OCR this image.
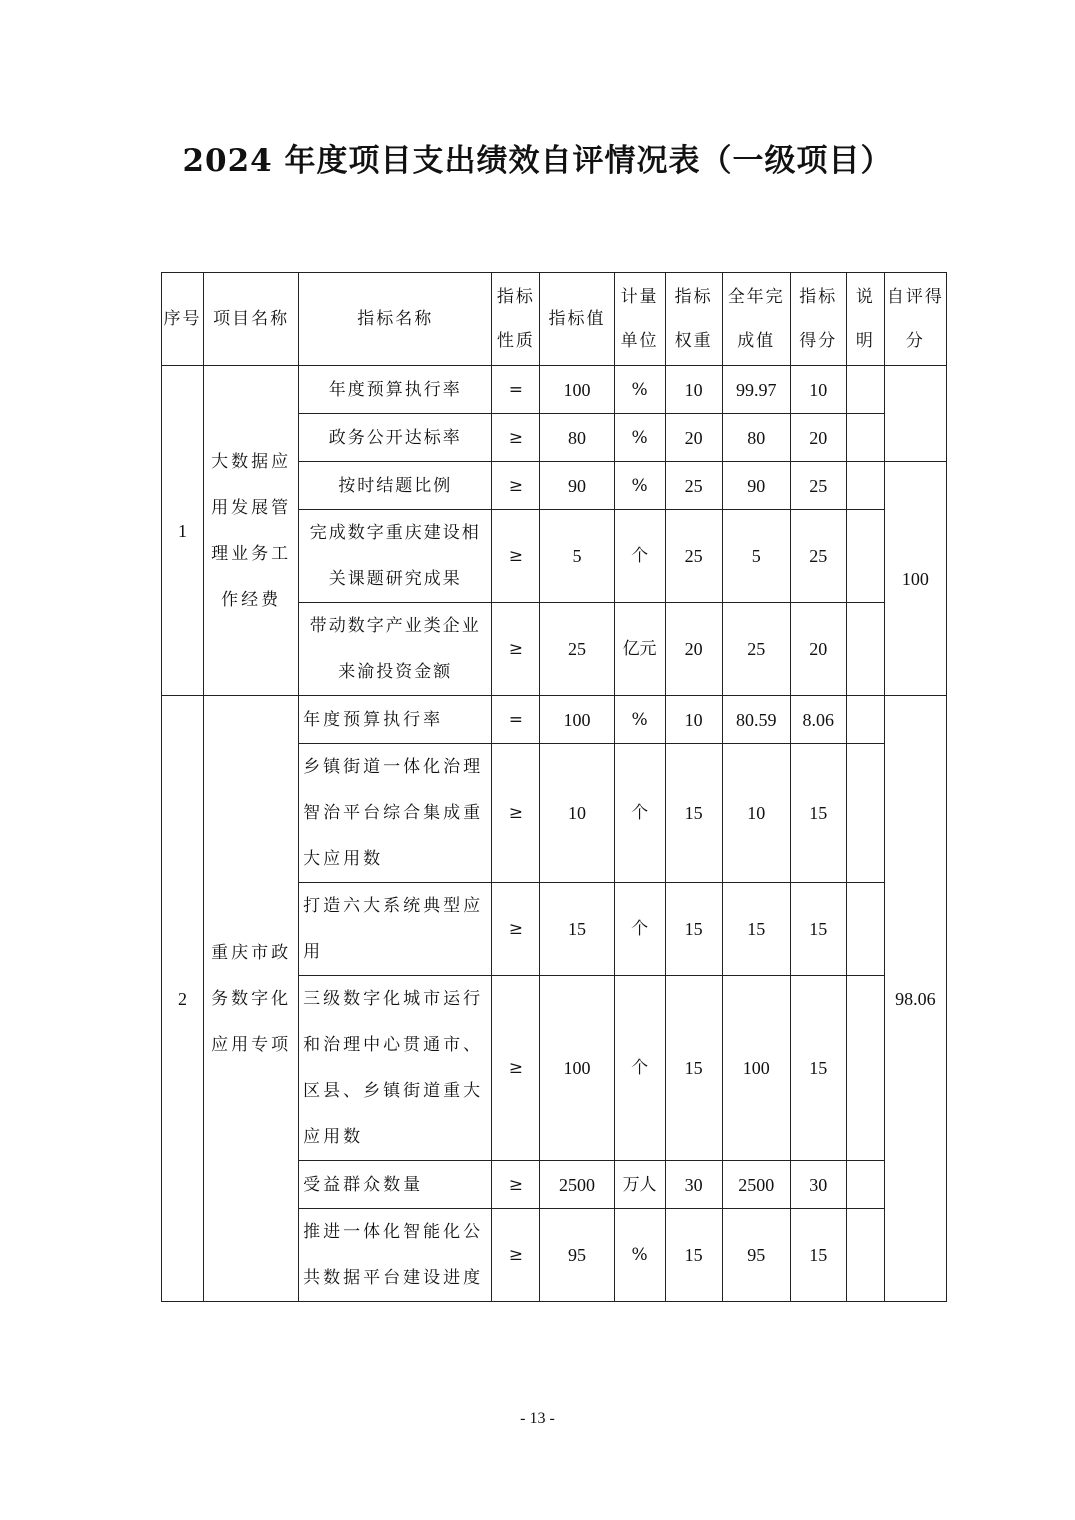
2024 年度项目支出绩效自评情况表（一级项目）
序号	项目名称	指标名称	指标性质	指标值	计量单位	指标权重	全年完成值	指标得分	说明	自评得分
1	大数据应用发展管理业务工作经费	年度预算执行率	=	100	%	10	99.97	10		
		政务公开达标率	≥	80	%	20	80	20		
		按时结题比例	≥	90	%	25	90	25		100
		完成数字重庆建设相关课题研究成果	≥	5	个	25	5	25		
		带动数字产业类企业来渝投资金额	≥	25	亿元	20	25	20		
2	重庆市政务数字化应用专项	年度预算执行率	=	100	%	10	80.59	8.06		98.06
		乡镇街道一体化治理智治平台综合集成重大应用数	≥	10	个	15	10	15		
		打造六大系统典型应用	≥	15	个	15	15	15		
		三级数字化城市运行和治理中心贯通市、区县、乡镇街道重大应用数	≥	100	个	15	100	15		
		受益群众数量	≥	2500	万人	30	2500	30		
		推进一体化智能化公共数据平台建设进度	≥	95	%	15	95	15		
- 13 -
